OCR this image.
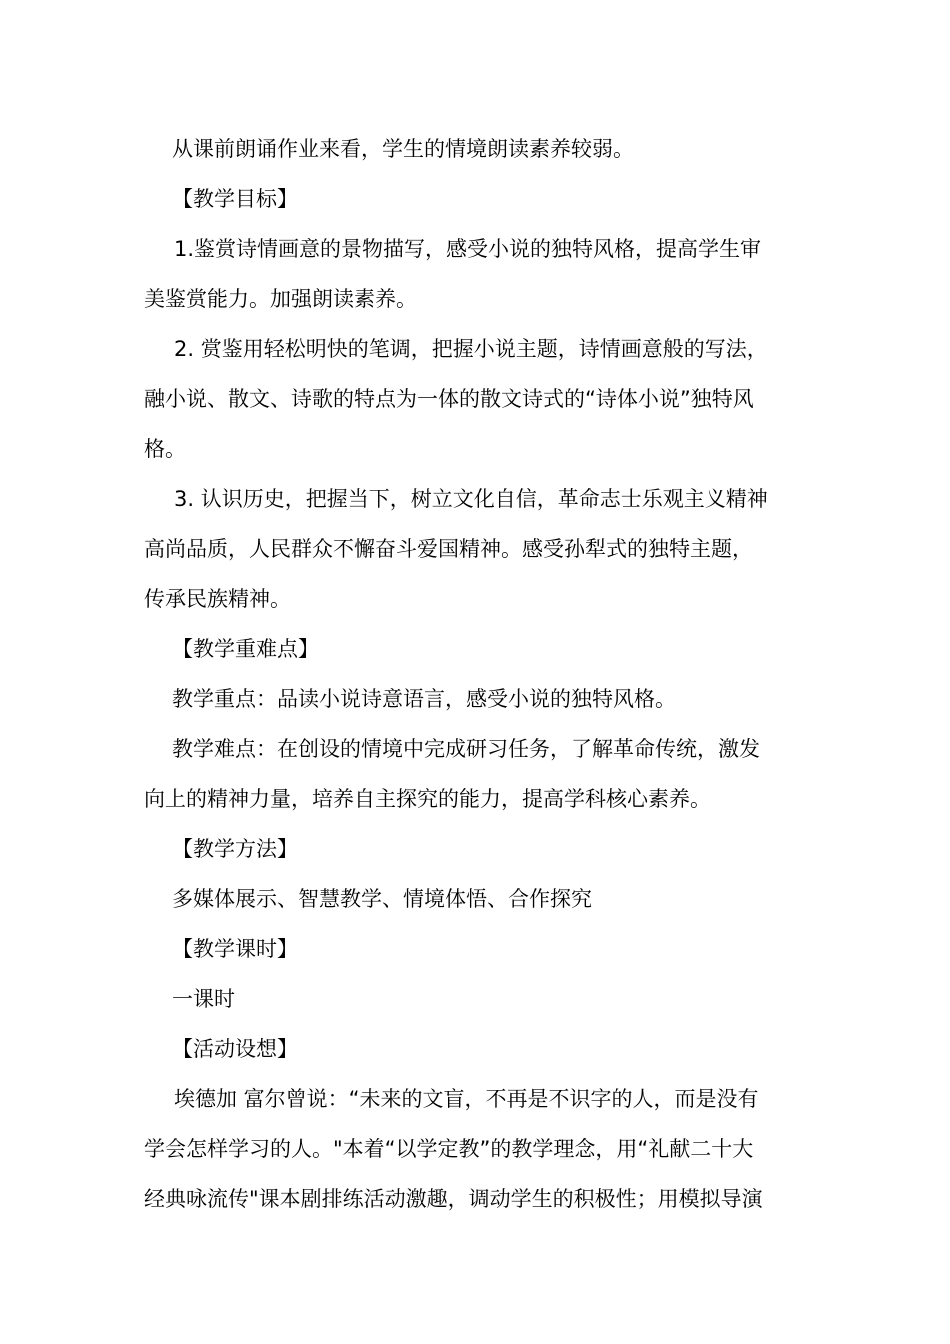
从课前朗诵作业来看，学生的情境朗读素养较弱。
【教学目标】
1.鉴赏诗情画意的景物描写，感受小说的独特风格，提高学生审
美鉴赏能力。加强朗读素养。
2. 赏鉴用轻松明快的笔调，把握小说主题，诗情画意般的写法，
融小说、散文、诗歌的特点为一体的散文诗式的“诗体小说”独特风
格。
3. 认识历史，把握当下，树立文化自信，革命志士乐观主义精神
高尚品质，人民群众不懈奋斗爱国精神。感受孙犁式的独特主题，
传承民族精神。
【教学重难点】
教学重点：品读小说诗意语言，感受小说的独特风格。
教学难点：在创设的情境中完成研习任务，了解革命传统，激发
向上的精神力量，培养自主探究的能力，提高学科核心素养。
【教学方法】
多媒体展示、智慧教学、情境体悟、合作探究
【教学课时】
一课时
【活动设想】
埃德加 富尔曾说：“未来的文盲，不再是不识字的人，而是没有
学会怎样学习的人。"本着“以学定教”的教学理念，用“礼献二十大
经典咏流传"课本剧排练活动激趣，调动学生的积极性；用模拟导演
